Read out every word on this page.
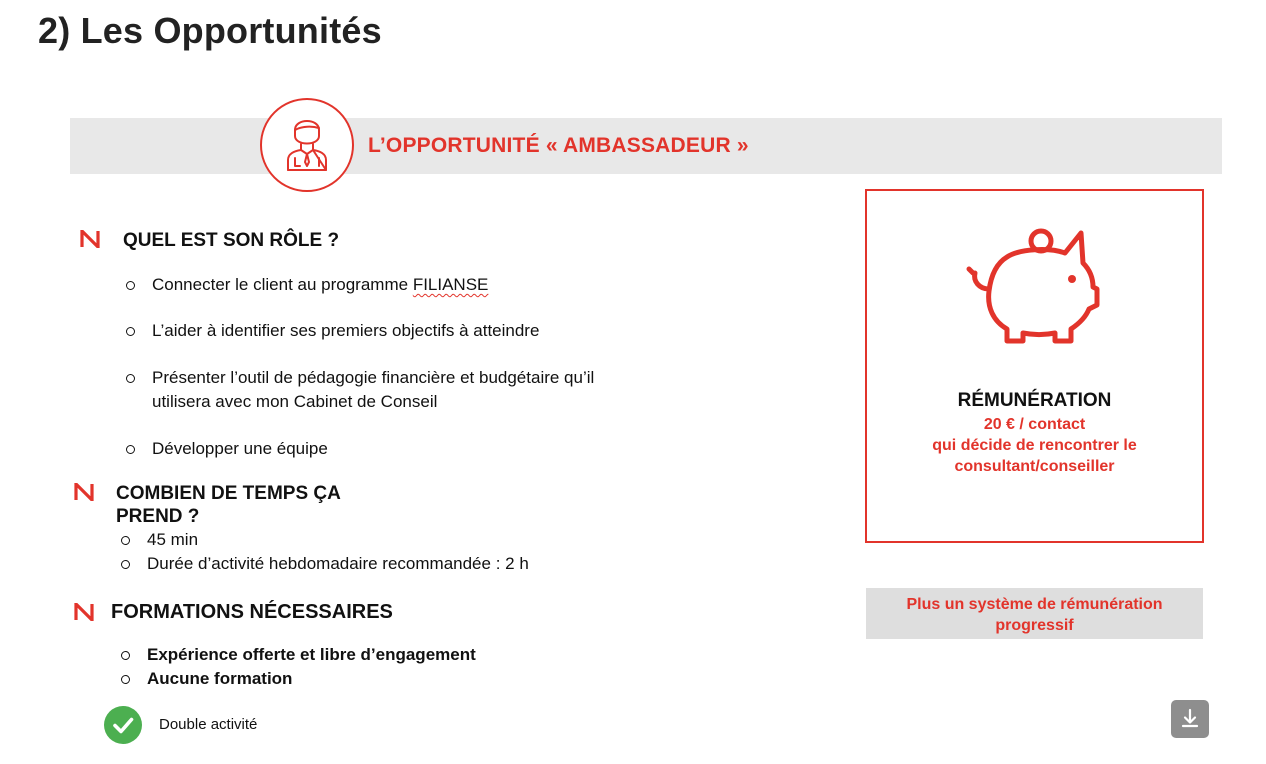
2) Les Opportunités
L’OPPORTUNITÉ « AMBASSADEUR »
QUEL EST SON RÔLE ?
Connecter le client au programme FILIANSE
L’aider à identifier ses premiers objectifs à atteindre
Présenter l’outil de pédagogie financière et budgétaire qu’il
utilisera avec mon Cabinet de Conseil
Développer une équipe
COMBIEN DE TEMPS ÇA
PREND ?
45 min
Durée d’activité hebdomadaire recommandée : 2 h
FORMATIONS NÉCESSAIRES
Expérience offerte et libre d’engagement
Aucune formation
RÉMUNÉRATION
20 € / contact
qui décide de rencontrer le
consultant/conseiller
Plus un système de rémunération
progressif
Double activité
